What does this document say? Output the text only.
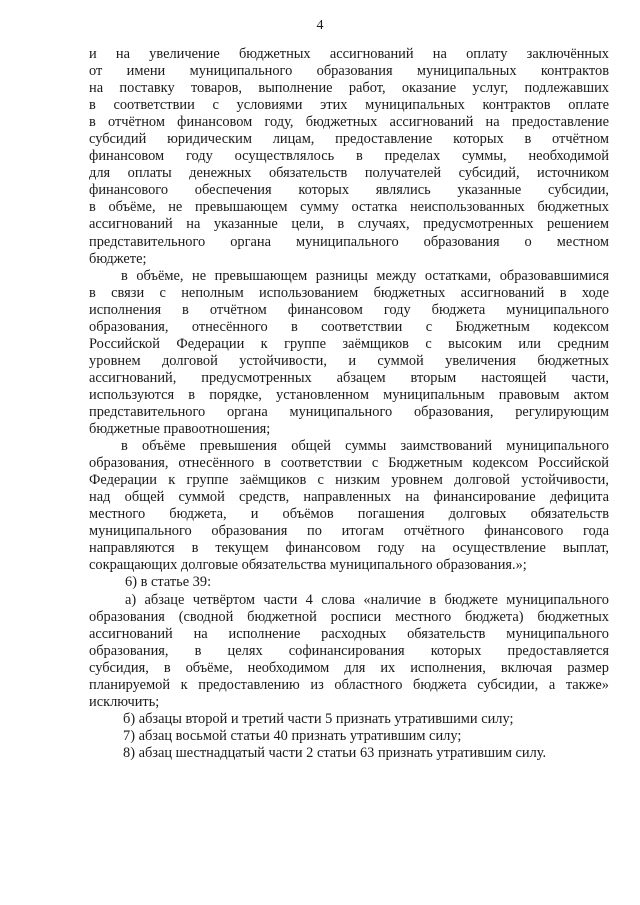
4
и на увеличение бюджетных ассигнований на оплату заключённых
от имени муниципального образования муниципальных контрактов
на поставку товаров, выполнение работ, оказание услуг, подлежавших
в соответствии с условиями этих муниципальных контрактов оплате
в отчётном финансовом году, бюджетных ассигнований на предоставление
субсидий юридическим лицам, предоставление которых в отчётном
финансовом году осуществлялось в пределах суммы, необходимой
для оплаты денежных обязательств получателей субсидий, источником
финансового обеспечения которых являлись указанные субсидии,
в объёме, не превышающем сумму остатка неиспользованных бюджетных
ассигнований на указанные цели, в случаях, предусмотренных решением
представительного органа муниципального образования о местном
бюджете;
в объёме, не превышающем разницы между остатками, образовавшимися
в связи с неполным использованием бюджетных ассигнований в ходе
исполнения в отчётном финансовом году бюджета муниципального
образования, отнесённого в соответствии с Бюджетным кодексом
Российской Федерации к группе заёмщиков с высоким или средним
уровнем долговой устойчивости, и суммой увеличения бюджетных
ассигнований, предусмотренных абзацем вторым настоящей части,
используются в порядке, установленном муниципальным правовым актом
представительного органа муниципального образования, регулирующим
бюджетные правоотношения;
в объёме превышения общей суммы заимствований муниципального
образования, отнесённого в соответствии с Бюджетным кодексом Российской
Федерации к группе заёмщиков с низким уровнем долговой устойчивости,
над общей суммой средств, направленных на финансирование дефицита
местного бюджета, и объёмов погашения долговых обязательств
муниципального образования по итогам отчётного финансового года
направляются в текущем финансовом году на осуществление выплат,
сокращающих долговые обязательства муниципального образования.»;
6) в статье 39:
а) абзаце четвёртом части 4 слова «наличие в бюджете муниципального
образования (сводной бюджетной росписи местного бюджета) бюджетных
ассигнований на исполнение расходных обязательств муниципального
образования, в целях софинансирования которых предоставляется
субсидия, в объёме, необходимом для их исполнения, включая размер
планируемой к предоставлению из областного бюджета субсидии, а также»
исключить;
б) абзацы второй и третий части 5 признать утратившими силу;
7) абзац восьмой статьи 40 признать утратившим силу;
8) абзац шестнадцатый части 2 статьи 63 признать утратившим силу.
